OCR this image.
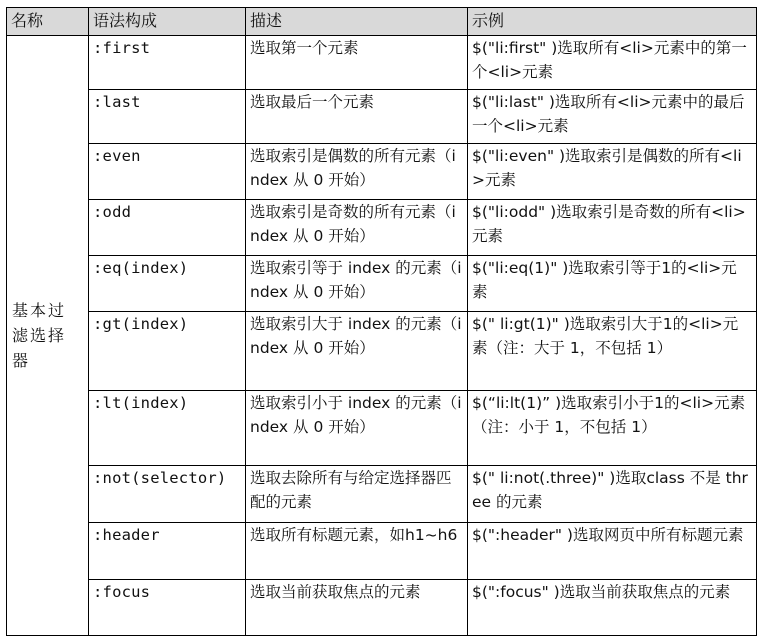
名称	语法构成	描述	示例
基本过滤选择器	:first	选取第一个元素	$("li:first" )选取所有<li>元素中的第一个<li>元素
	:last	选取最后一个元素	$("li:last" )选取所有<li>元素中的最后一个<li>元素
	:even	选取索引是偶数的所有元素（index 从 0 开始）	$("li:even" )选取索引是偶数的所有<li>元素
	:odd	选取索引是奇数的所有元素（index 从 0 开始）	$("li:odd" )选取索引是奇数的所有<li>元素
	:eq(index)	选取索引等于 index 的元素（index 从 0 开始）	$("li:eq(1)" )选取索引等于1的<li>元素
	:gt(index)	选取索引大于 index 的元素（index 从 0 开始）	$(" li:gt(1)" )选取索引大于1的<li>元素（注：大于 1，不包括 1）
	:lt(index)	选取索引小于 index 的元素（index 从 0 开始）	$(“li:lt(1)” )选取索引小于1的<li>元素（注：小于 1，不包括 1）
	:not(selector)	选取去除所有与给定选择器匹配的元素	$(" li:not(.three)" )选取class 不是 three 的元素
	:header	选取所有标题元素，如h1~h6	$(":header" )选取网页中所有标题元素
	:focus	选取当前获取焦点的元素	$(":focus" )选取当前获取焦点的元素
